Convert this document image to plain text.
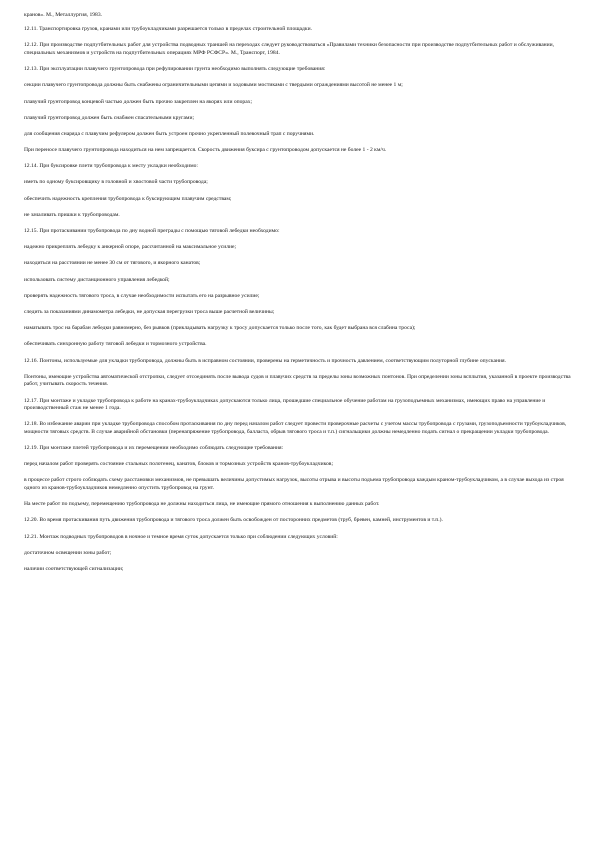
кранов». М., Металлургия, 1983.

12.11. Транспортировка грузов, кранами или трубоукладчиками разрешается только в пределах строительной площадки.

12.12. При производстве подпутбительных работ для устройства подводных траншей на переходах следует руководствоваться «Правилами техники безопасности при производстве подпутбительных работ и обслуживании, специальных механизмов и устройств на подпутбительных операциях МРФ РСФСР». М., Транспорт, 1984.

12.13. При эксплуатации плавучего грунтопровода при рефулировании грунта необходимо выполнять следующие требования:

секции плавучего грунтопровода должны быть снабжены ограничительными цепями и ходовыми мостиками с твердыми ограждениями высотой не менее 1 м;

плавучий грунтопровод концевой частью должен быть прочно закреплен на якорях или опорах;

плавучий грунтопровод должен быть снабжен спасательными кругами;

для сообщения снаряда с плавучим рефулером должен быть устроен прочно укрепленный полевочный трап с поручнями.

При переносе плавучего грунтопровода находиться на нем запрещается. Скорость движения буксира с грунтопроводом допускается не более 1 - 2 км/ч.

12.14. При буксировке плети трубопровода к месту укладки необходимо:

иметь по одному буксировщику в головной и хвостовой части трубопровода;

обеспечить надежность крепления трубопровода к буксирующим плавучим средствам;

не зачаливать пришки к трубопроводам.

12.15. При протаскивании трубопровода по дну водной преграды с помощью тяговой лебедки необходимо:

надежно прикреплять лебедку к анкерной опоре, рассчитанной на максимальное усилие;

находиться на расстоянии не менее 30 см от тягового, и якорного канатов;

использовать систему дистанционного управления лебедкой;

проверять надежность тягового троса, в случае необходимости испытать его на разрывное усилие;

следить за показаниями динамометра лебедки, не допуская перегрузки троса выше расчетной величины;

наматывать трос на барабан лебедки равномерно, без рывков (прикладывать нагрузку к тросу допускается только после того, как будет выбрана вся слабина троса);

обеспечивать синхронную работу тяговой лебедки и тормозного устройства.

12.16. Понтоны, используемые для укладки трубопровода, должны быть в исправном состоянии, проверены на герметичность и прочность давлением, соответствующим полуторной глубине опускания.

Понтоны, имеющие устройства автоматической отстропки, следует отсоединять после вывода судов и плавучих средств за пределы зоны возможных понтонов. При определении зоны всплытия, указанной в проекте производства работ, учитывать скорость течения.

12.17. При монтаже и укладке трубопровода к работе на кранах-трубоукладчиках допускаются только лица, прошедшие специальное обучение работам на грузоподъемных механизмах, имеющих право на управление и производственный стаж не менее 1 года.

12.18. Во избежание аварии при укладке трубопровода способом протаскивания по дну перед началом работ следует провести проверочные расчеты с учетом массы трубопровода с грузами, грузоподъемности трубоукладчиков, мощности тяговых средств. В случае аварийной обстановки (перенапряжение трубопровода, балласта, обрыв тягового троса и т.п.) сигнальщики должны немедленно подать сигнал о прекращении укладки трубопровода.

12.19. При монтаже плетей трубопровода и их перемещении необходимо соблюдать следующие требования:

перед началом работ проверять состояние стальных полотенец, канатов, блоков и тормозных устройств кранов-трубоукладчиков;

в процессе работ строго соблюдать схему расстановки механизмов, не превышать величины допустимых нагрузок, высоты отрыва и высоты подъема трубопровода каждым краном-трубоукладчиком, а в случае выхода из строя одного из кранов-трубоукладчиков немедленно опустить трубопровод на грунт.

На месте работ по подъему, перемещению трубопровода не должны находиться лица, не имеющие прямого отношения к выполнению данных работ.

12.20. Во время протаскивания путь движения трубопровода и тягового троса должен быть освобожден от посторонних предметов (труб, бревен, камней, инструментов и т.п.).

12.21. Монтаж подводных трубопроводов в ночное и темное время суток допускается только при соблюдении следующих условий:

достаточном освещении зоны работ;

наличии соответствующей сигнализации;
